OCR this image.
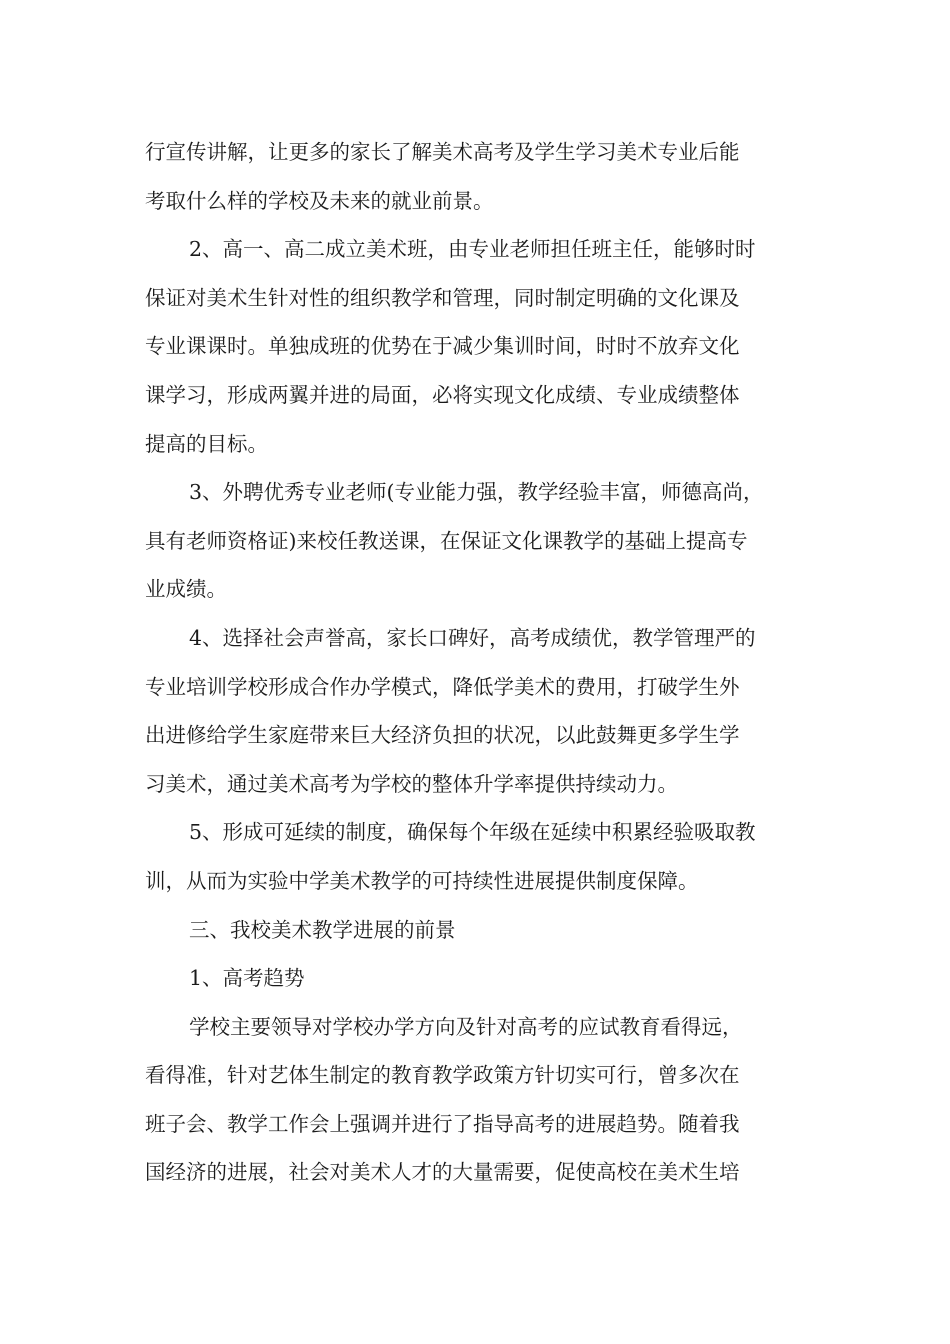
行宣传讲解，让更多的家长了解美术高考及学生学习美术专业后能
考取什么样的学校及未来的就业前景。
2、高一、高二成立美术班，由专业老师担任班主任，能够时时
保证对美术生针对性的组织教学和管理，同时制定明确的文化课及
专业课课时。单独成班的优势在于减少集训时间，时时不放弃文化
课学习，形成两翼并进的局面，必将实现文化成绩、专业成绩整体
提高的目标。
3、外聘优秀专业老师(专业能力强，教学经验丰富，师德高尚，
具有老师资格证)来校任教送课，在保证文化课教学的基础上提高专
业成绩。
4、选择社会声誉高，家长口碑好，高考成绩优，教学管理严的
专业培训学校形成合作办学模式，降低学美术的费用，打破学生外
出进修给学生家庭带来巨大经济负担的状况，以此鼓舞更多学生学
习美术，通过美术高考为学校的整体升学率提供持续动力。
5、形成可延续的制度，确保每个年级在延续中积累经验吸取教
训，从而为实验中学美术教学的可持续性进展提供制度保障。
三、我校美术教学进展的前景
1、高考趋势
学校主要领导对学校办学方向及针对高考的应试教育看得远，
看得准，针对艺体生制定的教育教学政策方针切实可行，曾多次在
班子会、教学工作会上强调并进行了指导高考的进展趋势。随着我
国经济的进展，社会对美术人才的大量需要，促使高校在美术生培
